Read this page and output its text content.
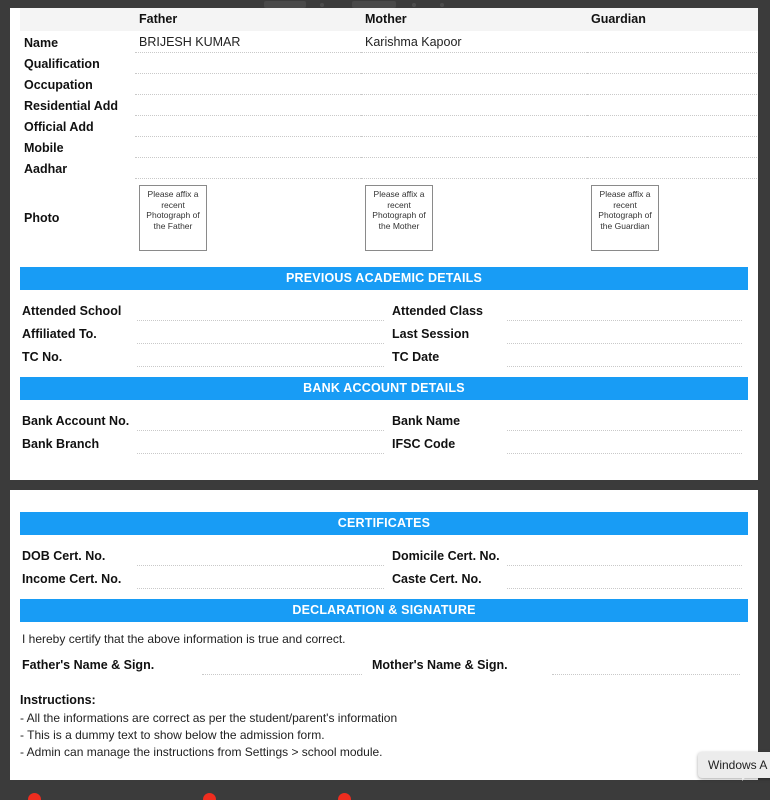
	Father	Mother	Guardian
Name	BRIJESH KUMAR	Karishma Kapoor	
Qualification			
Occupation			
Residential Add			
Official Add			
Mobile			
Aadhar			
Photo	Please affix a recent Photograph of the Father	Please affix a recent Photograph of the Mother	Please affix a recent Photograph of the Guardian
PREVIOUS ACADEMIC DETAILS
Attended School	Attended Class
Affiliated To.	Last Session
TC No.	TC Date
BANK ACCOUNT DETAILS
Bank Account No.	Bank Name
Bank Branch	IFSC Code
CERTIFICATES
DOB Cert. No.	Domicile Cert. No.
Income Cert. No.	Caste Cert. No.
DECLARATION & SIGNATURE
I hereby certify that the above information is true and correct.
Father's Name & Sign.	Mother's Name & Sign.
Instructions:
- All the informations are correct as per the student/parent's information
- This is a dummy text to show below the admission form.
- Admin can manage the instructions from Settings > school module.
Windows A
